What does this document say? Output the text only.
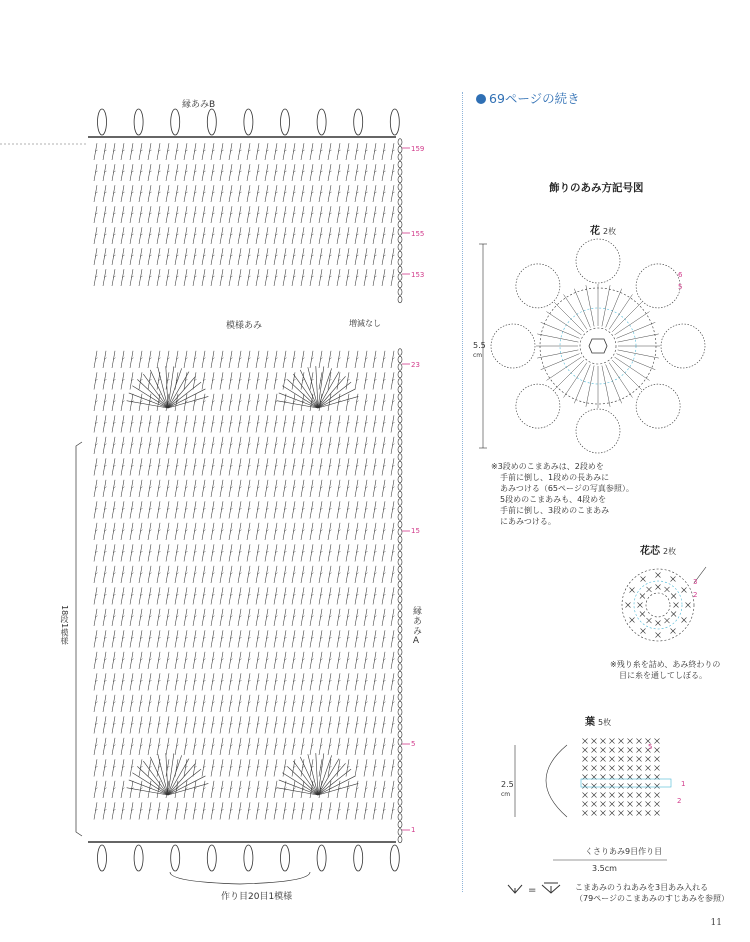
縁あみB
模様あみ	増減なし
作り目20目1模様
縁あみA
18段1模様
159
155
153
23
15
5
1
69ページの続き
飾りのあみ方記号図
花 2枚
5.5
cm
6
5
※3段めのこまあみは、2段めを
手前に倒し、1段めの長あみに
あみつける（65ページの写真参照）。
5段めのこまあみも、4段めを
手前に倒し、3段めのこまあみ
にあみつける。
花芯 2枚
3
2
※残り糸を詰め、あみ終わりの
目に糸を通してしぼる。
葉 5枚
2.5
cm
5
1
2
くさりあみ9目作り目
3.5cm
=	こまあみのうねあみを3目あみ入れる
（79ページのこまあみのすじあみを参照）
11
